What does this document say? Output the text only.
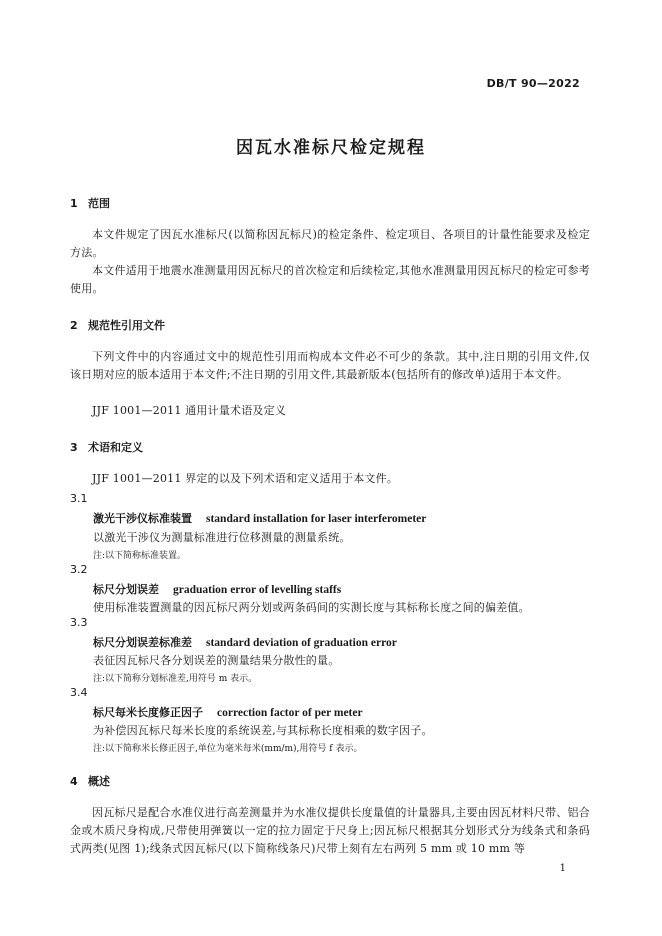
DB/T 90—2022
因瓦水准标尺检定规程
1 范围
本文件规定了因瓦水准标尺(以简称因瓦标尺)的检定条件、检定项目、各项目的计量性能要求及检定方法。
本文件适用于地震水准测量用因瓦标尺的首次检定和后续检定,其他水准测量用因瓦标尺的检定可参考使用。
2 规范性引用文件
下列文件中的内容通过文中的规范性引用而构成本文件必不可少的条款。其中,注日期的引用文件,仅该日期对应的版本适用于本文件;不注日期的引用文件,其最新版本(包括所有的修改单)适用于本文件。
JJF 1001—2011 通用计量术语及定义
3 术语和定义
JJF 1001—2011 界定的以及下列术语和定义适用于本文件。
3.1
激光干涉仪标准装置 standard installation for laser interferometer
以激光干涉仪为测量标准进行位移测量的测量系统。
注:以下简称标准装置。
3.2
标尺分划误差 graduation error of levelling staffs
使用标准装置测量的因瓦标尺两分划或两条码间的实测长度与其标称长度之间的偏差值。
3.3
标尺分划误差标准差 standard deviation of graduation error
表征因瓦标尺各分划误差的测量结果分散性的量。
注:以下简称分划标准差,用符号 m 表示。
3.4
标尺每米长度修正因子 correction factor of per meter
为补偿因瓦标尺每米长度的系统误差,与其标称长度相乘的数字因子。
注:以下简称米长修正因子,单位为毫米每米(mm/m),用符号 f 表示。
4 概述
因瓦标尺是配合水准仪进行高差测量并为水准仪提供长度量值的计量器具,主要由因瓦材料尺带、铝合金或木质尺身构成,尺带使用弹簧以一定的拉力固定于尺身上;因瓦标尺根据其分划形式分为线条式和条码式两类(见图 1);线条式因瓦标尺(以下简称线条尺)尺带上刻有左右两列 5 mm 或 10 mm 等
1
